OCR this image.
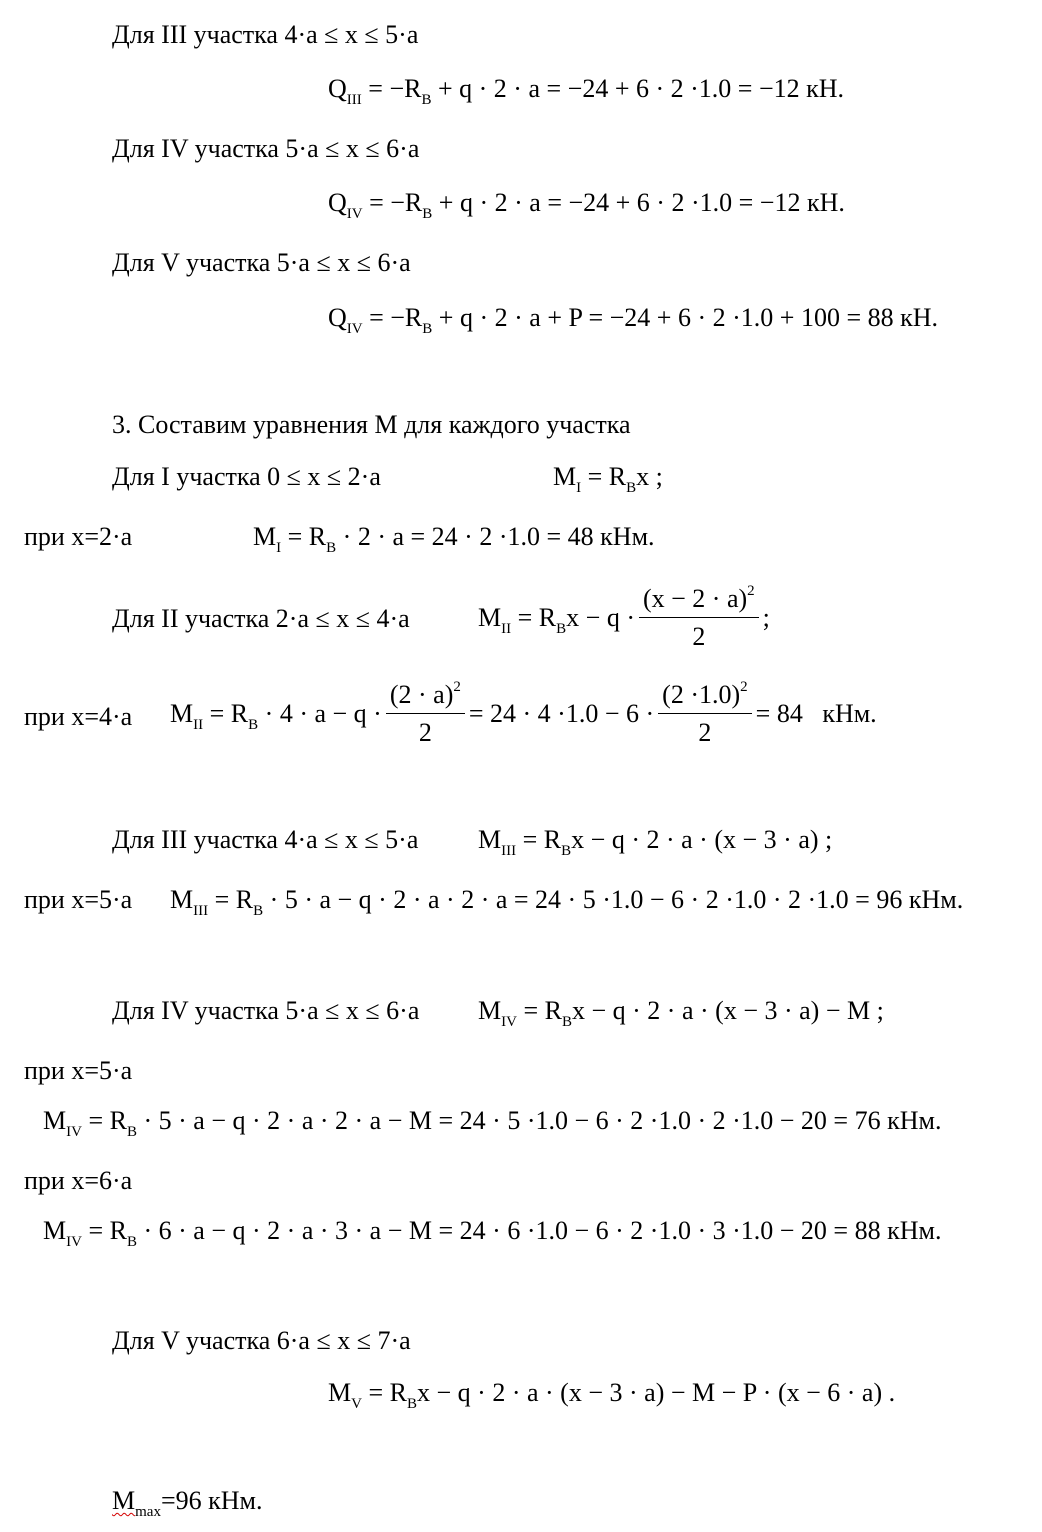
Для III участка 4·a ≤ x ≤ 5·a
$Q_{III} = -R_B + q \cdot 2 \cdot a = -24 + 6 \cdot 2 \cdot 1.0 = -12$ кН.
Для IV участка 5·a ≤ x ≤ 6·a
$Q_{IV} = -R_B + q \cdot 2 \cdot a = -24 + 6 \cdot 2 \cdot 1.0 = -12$ кН.
Для V участка 5·a ≤ x ≤ 6·a
$Q_{IV} = -R_B + q \cdot 2 \cdot a + P = -24 + 6 \cdot 2 \cdot 1.0 + 100 = 88$ кН.
3. Составим уравнения M для каждого участка
Для I участка 0 ≤ x ≤ 2·a	$M_I = R_Bx$ ;
при x=2·a	$M_I = R_B \cdot 2 \cdot a = 24 \cdot 2 \cdot 1.0 = 48$ кНм.
Для II участка 2·a ≤ x ≤ 4·a	$M_{II} = R_Bx - q \cdot \frac{(x - 2 \cdot a)^2}{2}$ ;
при x=4·a $M_{II} = R_B \cdot 4 \cdot a - q \cdot \frac{(2 \cdot a)^2}{2} = 24 \cdot 4 \cdot 1.0 - 6 \cdot \frac{(2 \cdot 1.0)^2}{2} = 84$   кНм.
Для III участка 4·a ≤ x ≤ 5·a $M_{III} = R_Bx - q \cdot 2 \cdot a \cdot (x - 3 \cdot a)$ ;
при x=5·a $M_{III} = R_B \cdot 5 \cdot a - q \cdot 2 \cdot a \cdot 2 \cdot a = 24 \cdot 5 \cdot 1.0 - 6 \cdot 2 \cdot 1.0 \cdot 2 \cdot 1.0 = 96$ кНм.
Для IV участка 5·a ≤ x ≤ 6·a $M_{IV} = R_Bx - q \cdot 2 \cdot a \cdot (x - 3 \cdot a) - M$ ;
при x=5·a
$M_{IV} = R_B \cdot 5 \cdot a - q \cdot 2 \cdot a \cdot 2 \cdot a - M = 24 \cdot 5 \cdot 1.0 - 6 \cdot 2 \cdot 1.0 \cdot 2 \cdot 1.0 - 20 = 76$ кНм.
при x=6·a
$M_{IV} = R_B \cdot 6 \cdot a - q \cdot 2 \cdot a \cdot 3 \cdot a - M = 24 \cdot 6 \cdot 1.0 - 6 \cdot 2 \cdot 1.0 \cdot 3 \cdot 1.0 - 20 = 88$ кНм.
Для V участка 6·a ≤ x ≤ 7·a
$M_V = R_Bx - q \cdot 2 \cdot a \cdot (x - 3 \cdot a) - M - P \cdot (x - 6 \cdot a)$ .
$M_{max}=96$ кНм.
